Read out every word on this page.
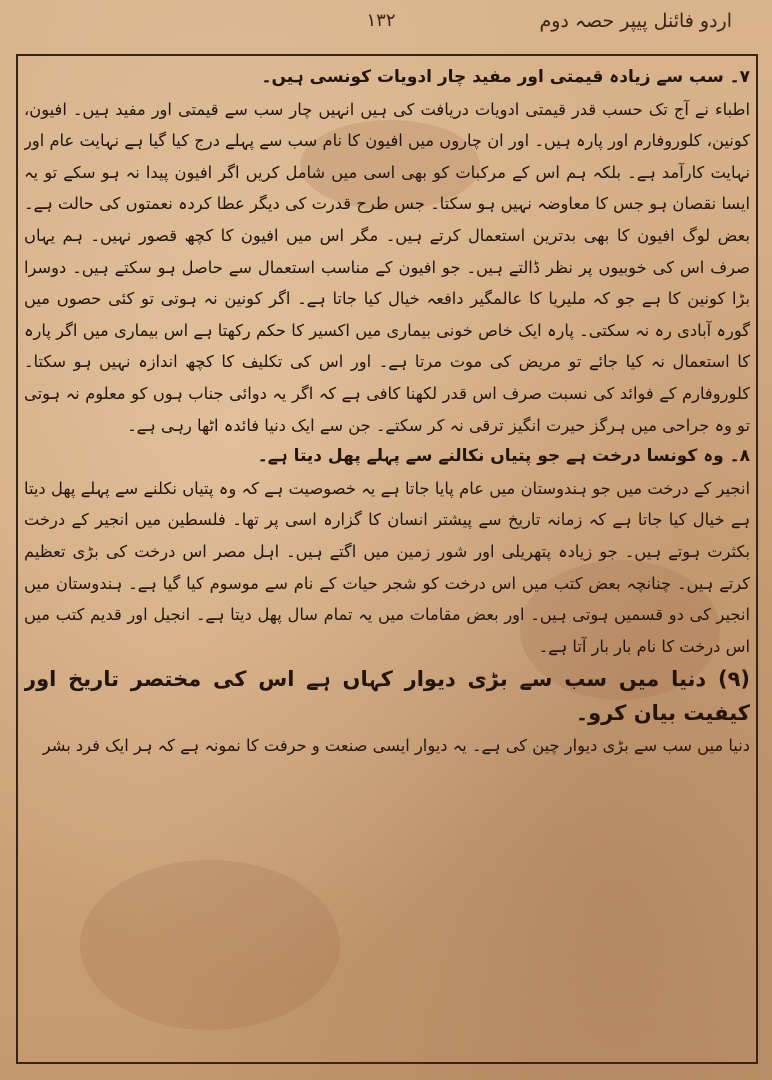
اردو فائنل پیپر حصہ دوم
۱۳۲

۷۔ سب سے زیادہ قیمتی اور مفید چار ادویات کونسی ہیں۔

اطباء نے آج تک حسب قدر قیمتی ادویات دریافت کی ہیں انہیں چار سب سے قیمتی اور مفید ہیں۔ افیون، کونین، کلوروفارم اور پارہ ہیں۔ اور ان چاروں میں افیون کا نام سب سے پہلے درج کیا گیا ہے نہایت عام اور نہایت کارآمد ہے۔ بلکہ ہم اس کے مرکبات کو بھی اسی میں شامل کریں اگر افیون پیدا نہ ہو سکے تو یہ ایسا نقصان ہو جس کا معاوضہ نہیں ہو سکتا۔ جس طرح قدرت کی دیگر عطا کردہ نعمتوں کی حالت ہے۔ بعض لوگ افیون کا بھی بدترین استعمال کرتے ہیں۔ مگر اس میں افیون کا کچھ قصور نہیں۔ ہم یہاں صرف اس کی خوبیوں پر نظر ڈالتے ہیں۔ جو افیون کے مناسب استعمال سے حاصل ہو سکتے ہیں۔ دوسرا بڑا کونین کا ہے جو کہ ملیریا کا عالمگیر دافعہ خیال کیا جاتا ہے۔ اگر کونین نہ ہوتی تو کئی حصوں میں گورہ آبادی رہ نہ سکتی۔ پارہ ایک خاص خونی بیماری میں اکسیر کا حکم رکھتا ہے اس بیماری میں اگر پارہ کا استعمال نہ کیا جائے تو مریض کی موت مرتا ہے۔ اور اس کی تکلیف کا کچھ اندازہ نہیں ہو سکتا۔ کلوروفارم کے فوائد کی نسبت صرف اس قدر لکھنا کافی ہے کہ اگر یہ دوائی جناب ہوں کو معلوم نہ ہوتی تو وہ جراحی میں ہرگز حیرت انگیز ترقی نہ کر سکتے۔ جن سے ایک دنیا فائدہ اٹھا رہی ہے۔

۸۔ وہ کونسا درخت ہے جو پتیاں نکالنے سے پہلے پھل دیتا ہے۔

انجیر کے درخت میں جو ہندوستان میں عام پایا جاتا ہے یہ خصوصیت ہے کہ وہ پتیاں نکلنے سے پہلے پھل دیتا ہے خیال کیا جاتا ہے کہ زمانہ تاریخ سے پیشتر انسان کا گزارہ اسی پر تھا۔ فلسطین میں انجیر کے درخت بکثرت ہوتے ہیں۔ جو زیادہ پتھریلی اور شور زمین میں اگتے ہیں۔ اہل مصر اس درخت کی بڑی تعظیم کرتے ہیں۔ چنانچہ بعض کتب میں اس درخت کو شجر حیات کے نام سے موسوم کیا گیا ہے۔ ہندوستان میں انجیر کی دو قسمیں ہوتی ہیں۔ اور بعض مقامات میں یہ تمام سال پھل دیتا ہے۔ انجیل اور قدیم کتب میں اس درخت کا نام بار بار آتا ہے۔

(۹) دنیا میں سب سے بڑی دیوار کہاں ہے اس کی مختصر تاریخ اور کیفیت بیان کرو۔

دنیا میں سب سے بڑی دیوار چین کی ہے۔ یہ دیوار ایسی صنعت و حرفت کا نمونہ ہے کہ ہر ایک فرد بشر
